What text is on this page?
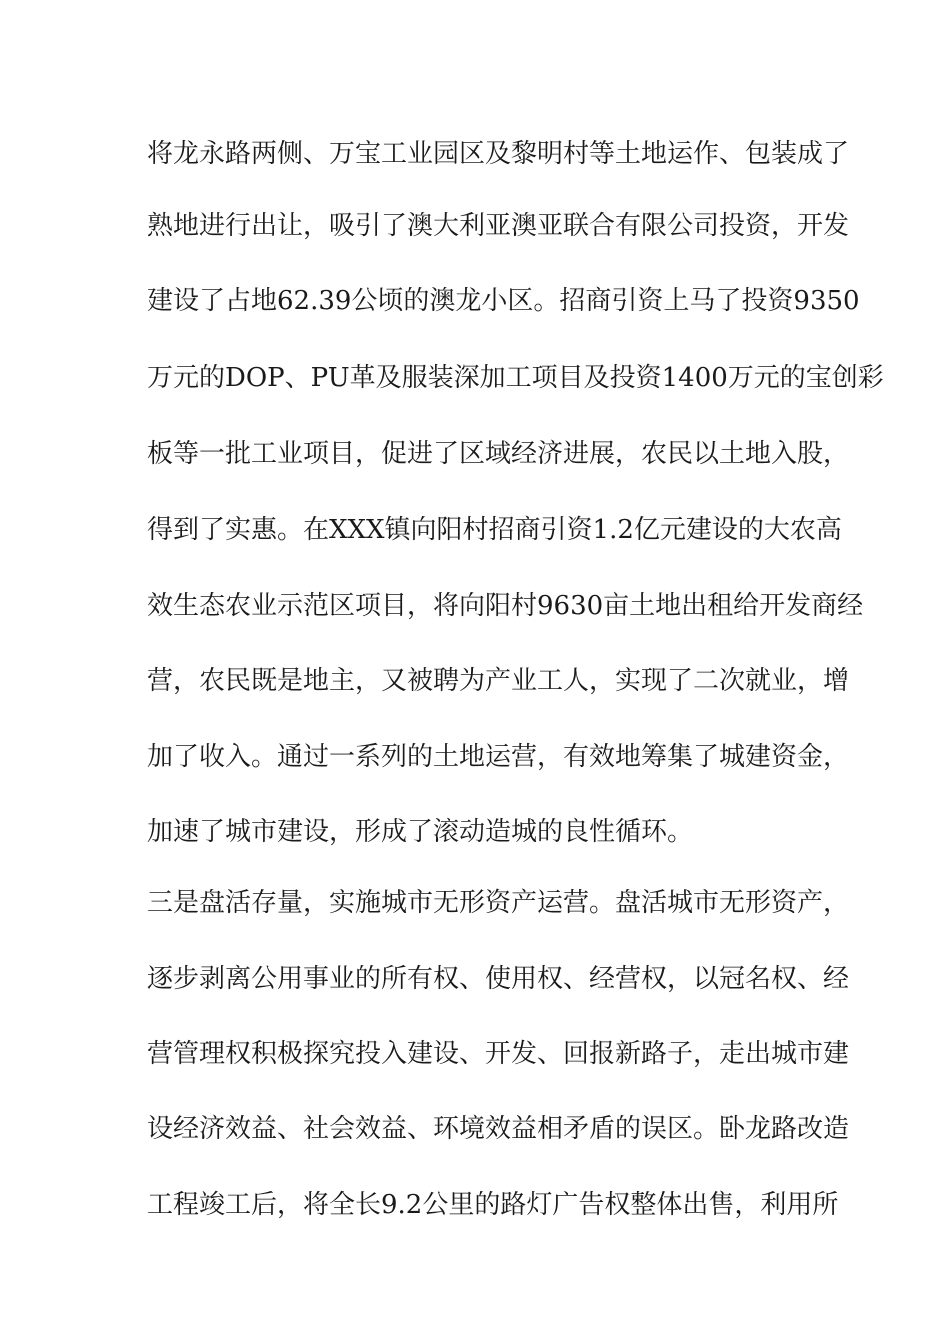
将龙永路两侧、万宝工业园区及黎明村等土地运作、包装成了
熟地进行出让，吸引了澳大利亚澳亚联合有限公司投资，开发
建设了占地62.39公顷的澳龙小区。招商引资上马了投资9350
万元的DOP、PU革及服装深加工项目及投资1400万元的宝创彩
板等一批工业项目，促进了区域经济进展，农民以土地入股，
得到了实惠。在XXX镇向阳村招商引资1.2亿元建设的大农高
效生态农业示范区项目，将向阳村9630亩土地出租给开发商经
营，农民既是地主，又被聘为产业工人，实现了二次就业，增
加了收入。通过一系列的土地运营，有效地筹集了城建资金，
加速了城市建设，形成了滚动造城的良性循环。
三是盘活存量，实施城市无形资产运营。盘活城市无形资产，
逐步剥离公用事业的所有权、使用权、经营权，以冠名权、经
营管理权积极探究投入建设、开发、回报新路子，走出城市建
设经济效益、社会效益、环境效益相矛盾的误区。卧龙路改造
工程竣工后，将全长9.2公里的路灯广告权整体出售，利用所
